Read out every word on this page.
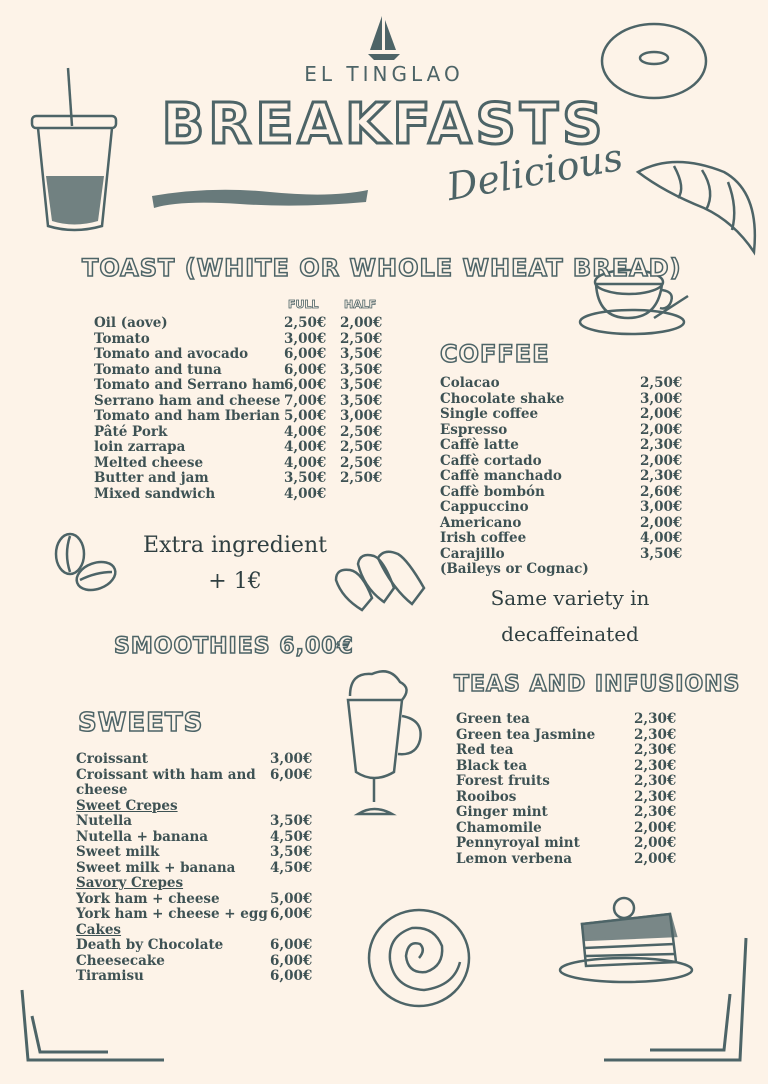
EL TINGLAO
BREAKFASTS
Delicious
TOAST (WHITE OR WHOLE WHEAT BREAD)
FULL HALF
Oil (aove)	2,50€ 2,00€
Tomato	3,00€ 2,50€
Tomato and avocado	6,00€ 3,50€
Tomato and tuna	6,00€ 3,50€
Tomato and Serrano ham 6,00€ 3,50€
Serrano ham and cheese 7,00€ 3,50€
Tomato and ham Iberian 5,00€ 3,00€
Pâté Pork	4,00€ 2,50€
loin zarrapa	4,00€ 2,50€
Melted cheese	4,00€ 2,50€
Butter and jam	3,50€ 2,50€
Mixed sandwich	4,00€
Extra ingredient
+ 1€
SMOOTHIES 6,00€
SWEETS
Croissant	3,00€
Croissant with ham and 6,00€
cheese
Sweet Crepes
Nutella	3,50€
Nutella + banana	4,50€
Sweet milk	3,50€
Sweet milk + banana	4,50€
Savory Crepes
York ham + cheese	5,00€
York ham + cheese + egg 6,00€
Cakes
Death by Chocolate	6,00€
Cheesecake	6,00€
Tiramisu	6,00€
COFFEE
Colacao	2,50€
Chocolate shake	3,00€
Single coffee	2,00€
Espresso	2,00€
Caffè latte	2,30€
Caffè cortado	2,00€
Caffè manchado	2,30€
Caffè bombón	2,60€
Cappuccino	3,00€
Americano	2,00€
Irish coffee	4,00€
Carajillo	3,50€
(Baileys or Cognac)
Same variety in
decaffeinated
TEAS AND INFUSIONS
Green tea	2,30€
Green tea Jasmine	2,30€
Red tea	2,30€
Black tea	2,30€
Forest fruits	2,30€
Rooibos	2,30€
Ginger mint	2,30€
Chamomile	2,00€
Pennyroyal mint	2,00€
Lemon verbena	2,00€
